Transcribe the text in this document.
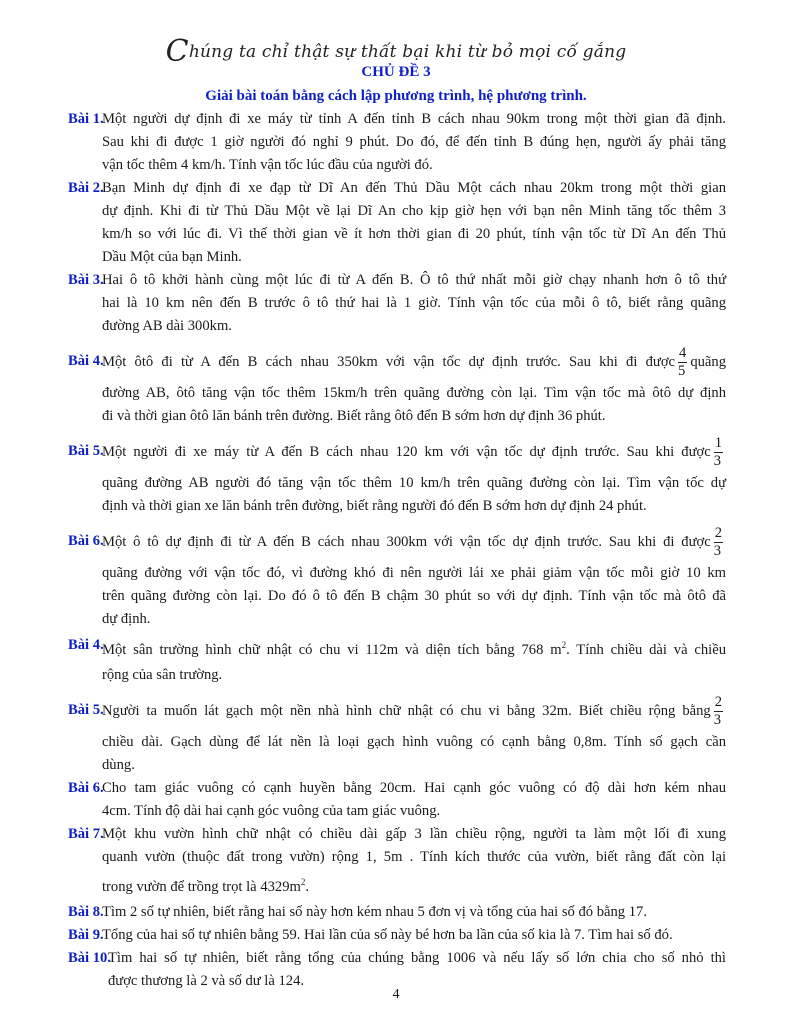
Chúng ta chỉ thật sự thất bại khi từ bỏ mọi cố gắng
CHỦ ĐỀ 3
Giải bài toán bằng cách lập phương trình, hệ phương trình.
Bài 1.
Một người dự định đi xe máy từ tỉnh A đến tỉnh B cách nhau 90km trong một thời gian đã định.
Sau khi đi được 1 giờ người đó nghỉ 9 phút. Do đó, để đến tỉnh B đúng hẹn, người ấy phải tăng
vận tốc thêm 4 km/h. Tính vận tốc lúc đầu của người đó.
Bài 2.
Bạn Minh dự định đi xe đạp từ Dĩ An đến Thủ Dầu Một cách nhau 20km trong một thời gian
dự định. Khi đi từ Thủ Dầu Một về lại Dĩ An cho kịp giờ hẹn với bạn nên Minh tăng tốc thêm 3
km/h so với lúc đi. Vì thế thời gian về ít hơn thời gian đi 20 phút, tính vận tốc từ Dĩ An đến Thủ
Dầu Một của bạn Minh.
Bài 3.
Hai ô tô khởi hành cùng một lúc đi từ A đến B. Ô tô thứ nhất mỗi giờ chạy nhanh hơn ô tô thứ
hai là 10 km nên đến B trước ô tô thứ hai là 1 giờ. Tính vận tốc của mỗi ô tô, biết rằng quãng
đường AB dài 300km.
Bài 4.
Một ôtô đi từ A đến B cách nhau 350km với vận tốc dự định trước. Sau khi đi được $\frac{4}{5}$ quãng
đường AB, ôtô tăng vận tốc thêm 15km/h trên quãng đường còn lại. Tìm vận tốc mà ôtô dự định
đi và thời gian ôtô lăn bánh trên đường. Biết rằng ôtô đến B sớm hơn dự định 36 phút.
Bài 5.
Một người đi xe máy từ A đến B cách nhau 120 km với vận tốc dự định trước. Sau khi được $\frac{1}{3}$
quãng đường AB người đó tăng vận tốc thêm 10 km/h trên quãng đường còn lại. Tìm vận tốc dự
định và thời gian xe lăn bánh trên đường, biết rằng người đó đến B sớm hơn dự định 24 phút.
Bài 6.
Một ô tô dự định đi từ A đến B cách nhau 300km với vận tốc dự định trước. Sau khi đi được $\frac{2}{3}$
quãng đường với vận tốc đó, vì đường khó đi nên người lái xe phải giảm vận tốc mỗi giờ 10 km
trên quãng đường còn lại. Do đó ô tô đến B chậm 30 phút so với dự định. Tính vận tốc mà ôtô đã
dự định.
Bài 4.
Một sân trường hình chữ nhật có chu vi 112m và diện tích bằng 768 $m^2$. Tính chiều dài và chiều
rộng của sân trường.
Bài 5.
Người ta muốn lát gạch một nền nhà hình chữ nhật có chu vi bằng 32m. Biết chiều rộng bằng $\frac{2}{3}$
chiều dài. Gạch dùng để lát nền là loại gạch hình vuông có cạnh bằng 0,8m. Tính số gạch cần
dùng.
Bài 6.
Cho tam giác vuông có cạnh huyền bằng 20cm. Hai cạnh góc vuông có độ dài hơn kém nhau
4cm. Tính độ dài hai cạnh góc vuông của tam giác vuông.
Bài 7.
Một khu vườn hình chữ nhật có chiều dài gấp 3 lần chiều rộng, người ta làm một lối đi xung
quanh vườn (thuộc đất trong vườn) rộng 1, 5m . Tính kích thước của vườn, biết rằng đất còn lại
trong vườn để trồng trọt là $4329m^2$.
Bài 8.
Tìm 2 số tự nhiên, biết rằng hai số này hơn kém nhau 5 đơn vị và tổng của hai số đó bằng 17.
Bài 9.
Tổng của hai số tự nhiên bằng 59. Hai lần của số này bé hơn ba lần của số kia là 7. Tìm hai số đó.
Bài 10.
Tìm hai số tự nhiên, biết rằng tổng của chúng bằng 1006 và nếu lấy số lớn chia cho số nhỏ thì
được thương là 2 và số dư là 124.
4
